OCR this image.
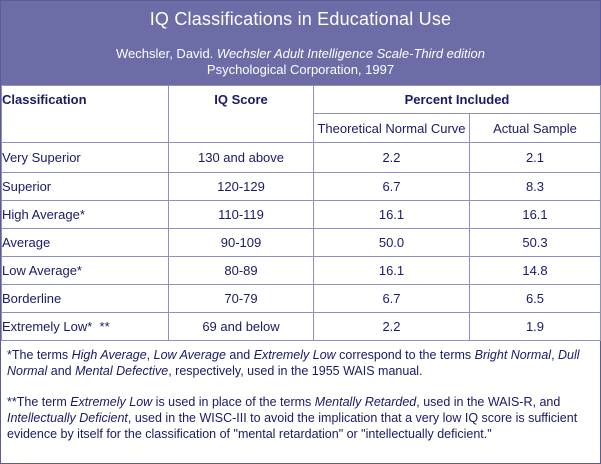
IQ Classifications in Educational Use
Wechsler, David. Wechsler Adult Intelligence Scale-Third edition
Psychological Corporation, 1997
Classification	IQ Score	Percent Included	
		Theoretical Normal Curve	Actual Sample
Very Superior	130 and above	2.2	2.1
Superior	120-129	6.7	8.3
High Average*	110-119	16.1	16.1
Average	90-109	50.0	50.3
Low Average*	80-89	16.1	14.8
Borderline	70-79	6.7	6.5
Extremely Low*  **	69 and below	2.2	1.9

*The terms High Average, Low Average and Extremely Low correspond to the terms Bright Normal, Dull Normal and Mental Defective, respectively, used in the 1955 WAIS manual.

**The term Extremely Low is used in place of the terms Mentally Retarded, used in the WAIS-R, and Intellectually Deficient, used in the WISC-III to avoid the implication that a very low IQ score is sufficient evidence by itself for the classification of "mental retardation" or "intellectually deficient."
